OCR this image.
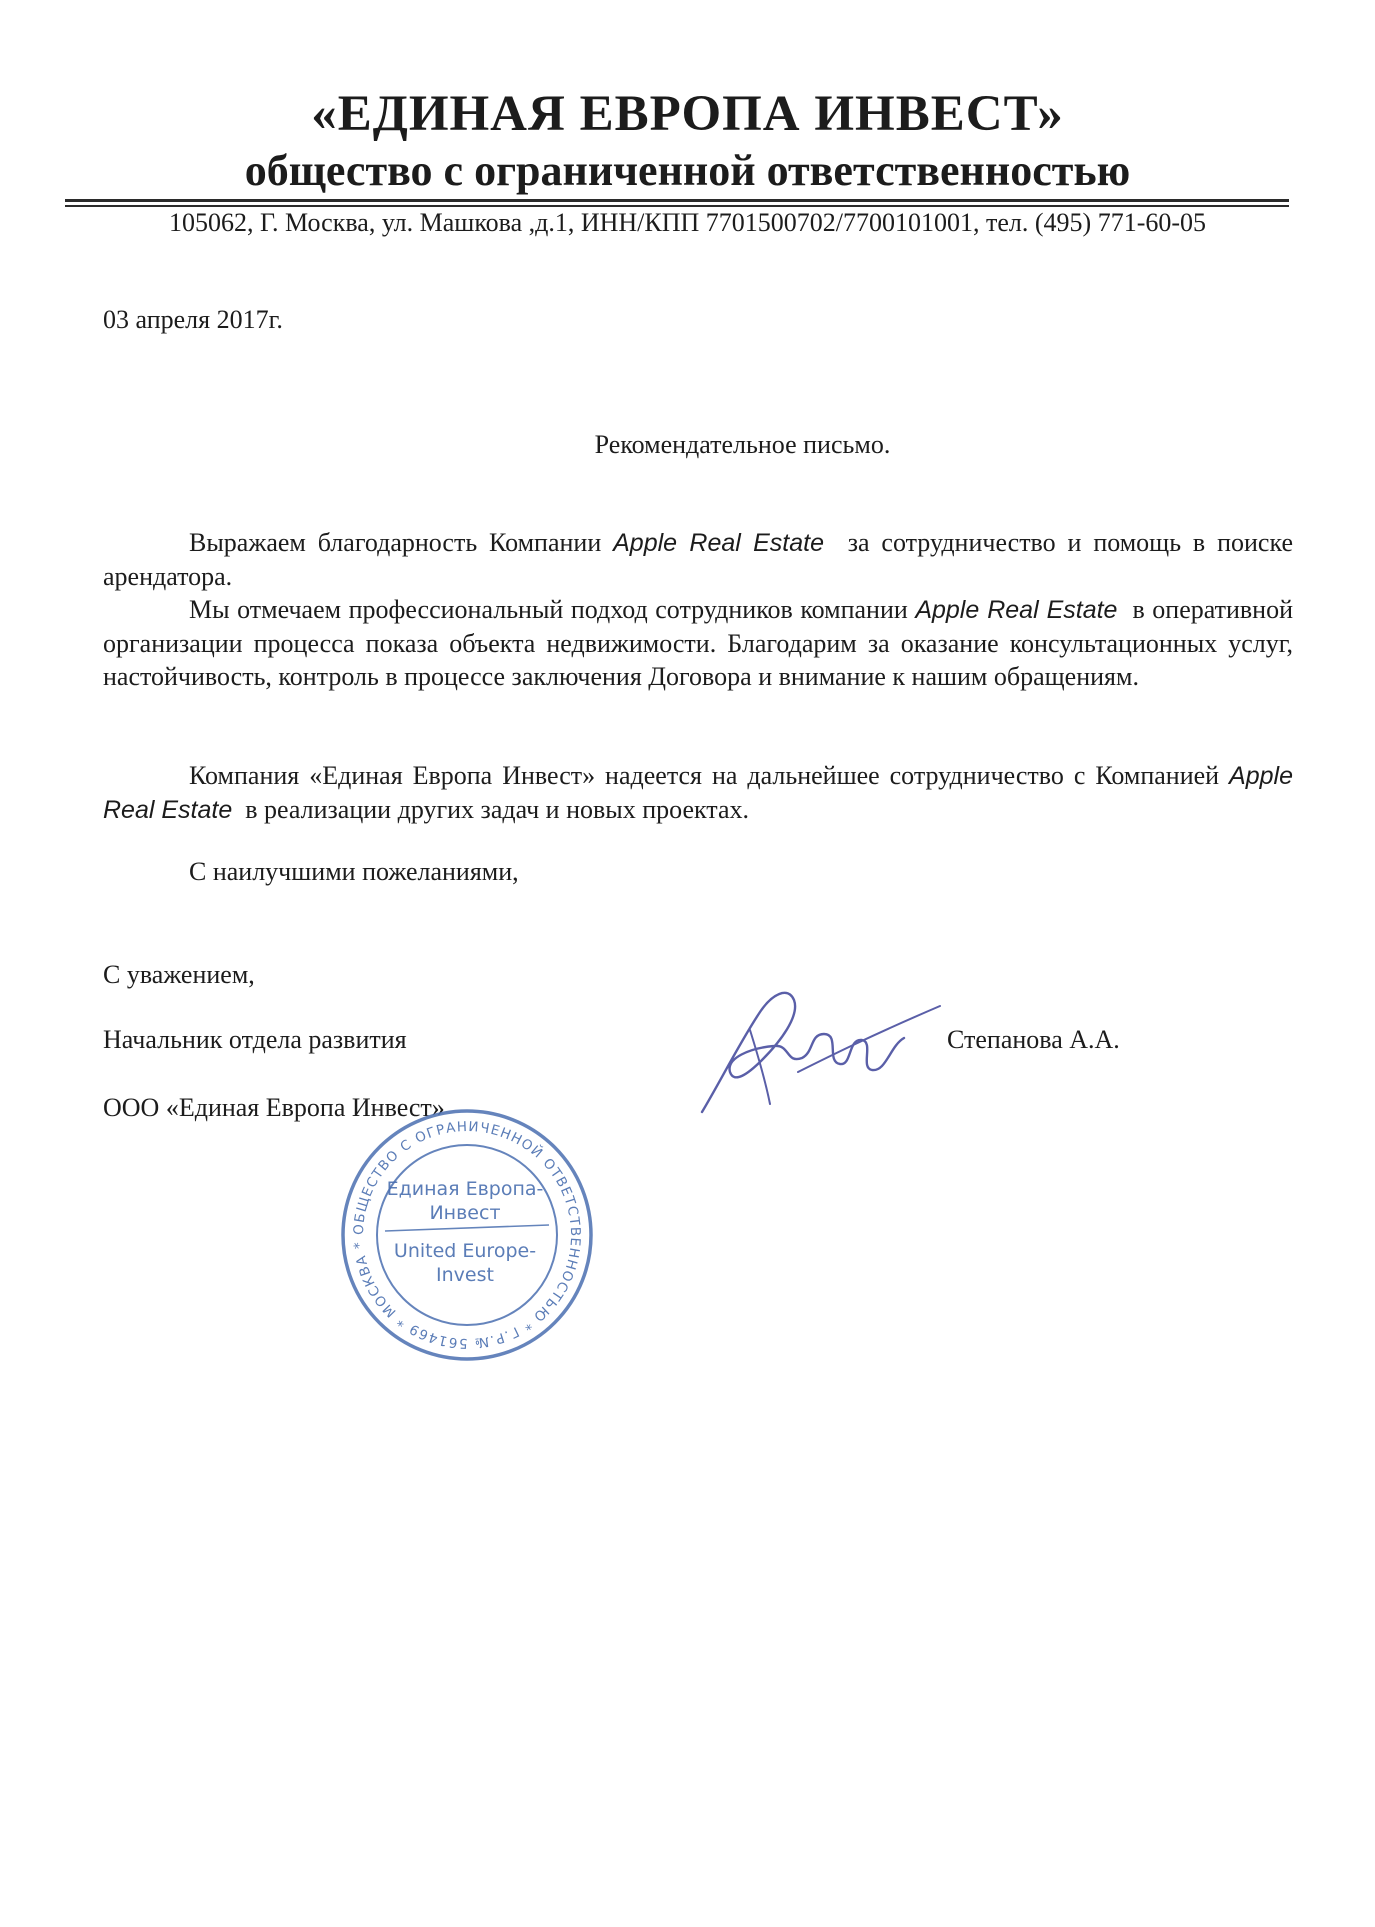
«ЕДИНАЯ ЕВРОПА ИНВЕСТ»
общество с ограниченной ответственностью
105062, Г. Москва, ул. Машкова ,д.1, ИНН/КПП 7701500702/7700101001, тел. (495) 771-60-05
03 апреля 2017г.
Рекомендательное письмо.
Выражаем благодарность Компании Apple Real Estate за сотрудничество и помощь в поиске арендатора.
Мы отмечаем профессиональный подход сотрудников компании Apple Real Estate в оперативной организации процесса показа объекта недвижимости. Благодарим за оказание консультационных услуг, настойчивость, контроль в процессе заключения Договора и внимание к нашим обращениям.
Компания «Единая Европа Инвест» надеется на дальнейшее сотрудничество с Компанией Apple Real Estate в реализации других задач и новых проектах.
С наилучшими пожеланиями,
С уважением,
Начальник отдела развития
ООО «Единая Европа Инвест»
Степанова А.А.
ОБЩЕСТВО С ОГРАНИЧЕННОЙ ОТВЕТСТВЕННОСТЬЮ * Г.Р.№ 561469 * МОСКВА *
Единая Европа-
Инвест
United Europe-
Invest
